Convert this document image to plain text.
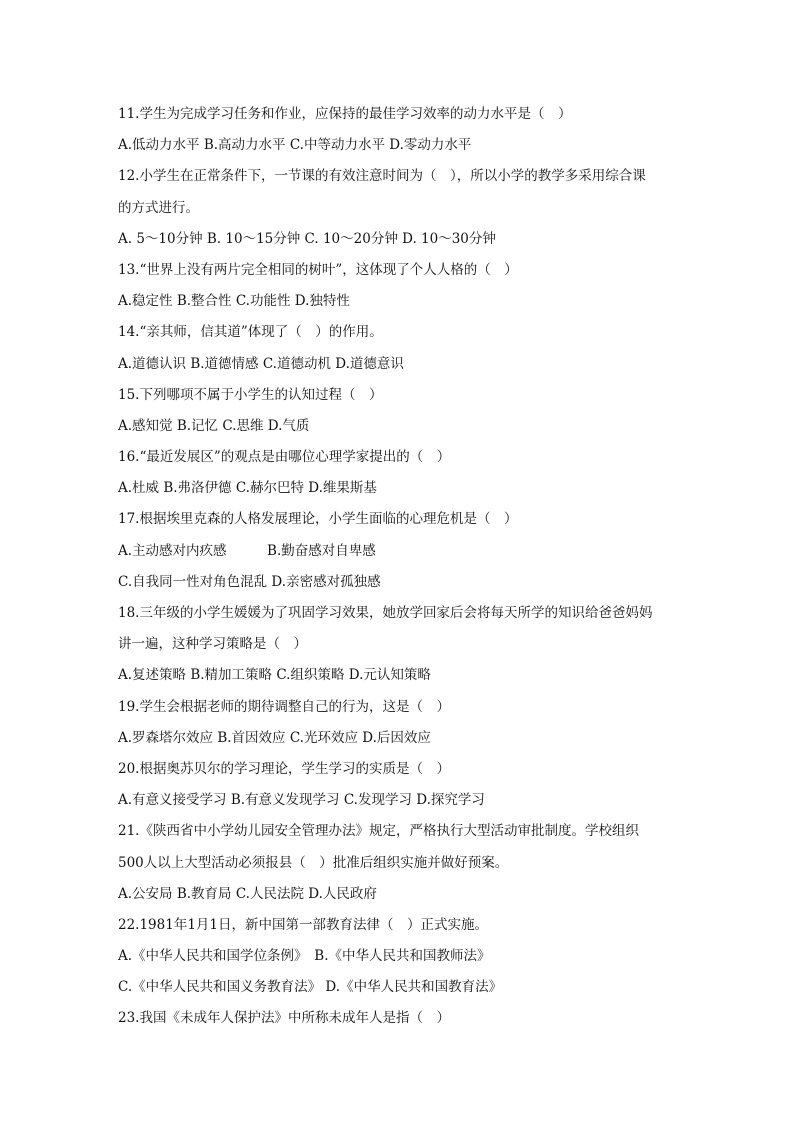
11.学生为完成学习任务和作业，应保持的最佳学习效率的动力水平是（　）
A.低动力水平 B.高动力水平 C.中等动力水平 D.零动力水平
12.小学生在正常条件下，一节课的有效注意时间为（　），所以小学的教学多采用综合课
的方式进行。
A. 5～10分钟 B. 10～15分钟 C. 10～20分钟 D. 10～30分钟
13.“世界上没有两片完全相同的树叶”，这体现了个人人格的（　）
A.稳定性 B.整合性 C.功能性 D.独特性
14.“亲其师，信其道”体现了（　）的作用。
A.道德认识 B.道德情感 C.道德动机 D.道德意识
15.下列哪项不属于小学生的认知过程（　）
A.感知觉 B.记忆 C.思维 D.气质
16.“最近发展区”的观点是由哪位心理学家提出的（　）
A.杜威 B.弗洛伊德 C.赫尔巴特 D.维果斯基
17.根据埃里克森的人格发展理论，小学生面临的心理危机是（　）
A.主动感对内疚感　　　B.勤奋感对自卑感
C.自我同一性对角色混乱 D.亲密感对孤独感
18.三年级的小学生媛媛为了巩固学习效果，她放学回家后会将每天所学的知识给爸爸妈妈
讲一遍，这种学习策略是（　）
A.复述策略 B.精加工策略 C.组织策略 D.元认知策略
19.学生会根据老师的期待调整自己的行为，这是（　）
A.罗森塔尔效应 B.首因效应 C.光环效应 D.后因效应
20.根据奥苏贝尔的学习理论，学生学习的实质是（　）
A.有意义接受学习 B.有意义发现学习 C.发现学习 D.探究学习
21.《陕西省中小学幼儿园安全管理办法》规定，严格执行大型活动审批制度。学校组织
500人以上大型活动必须报县（　）批准后组织实施并做好预案。
A.公安局 B.教育局 C.人民法院 D.人民政府
22.1981年1月1日，新中国第一部教育法律（　）正式实施。
A.《中华人民共和国学位条例》　B.《中华人民共和国教师法》
C.《中华人民共和国义务教育法》 D.《中华人民共和国教育法》
23.我国《未成年人保护法》中所称未成年人是指（　）
